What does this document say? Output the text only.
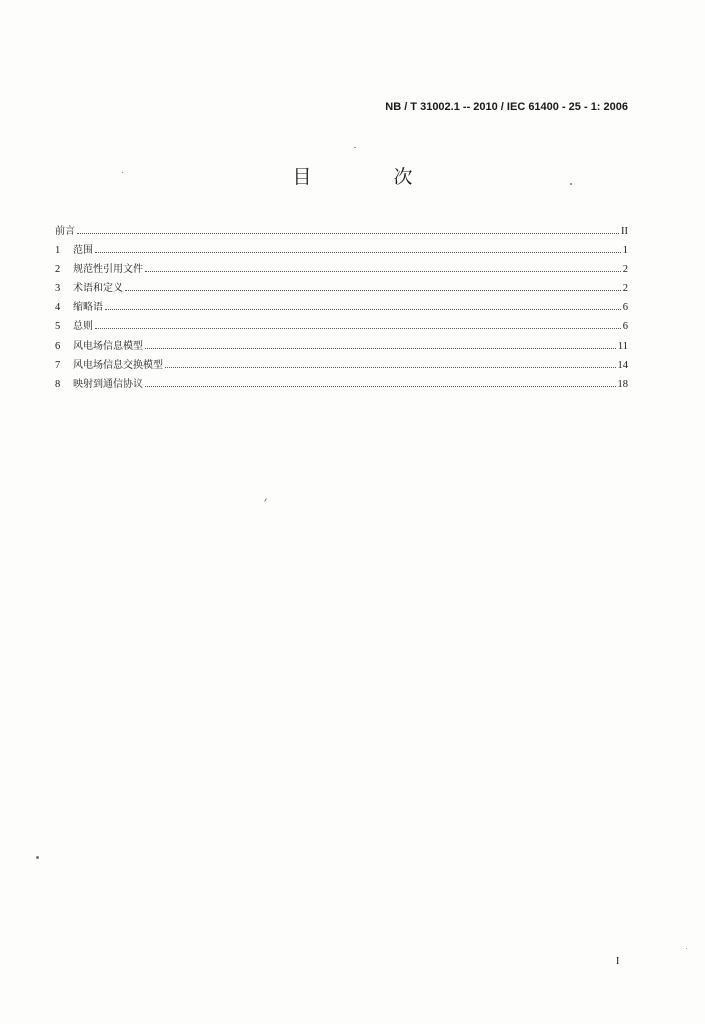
NB / T 31002.1 -- 2010 / IEC 61400 - 25 - 1: 2006
目 次
前言	II
1	范围	1
2	规范性引用文件	2
3	术语和定义	2
4	缩略语	6
5	总则	6
6	风电场信息模型	11
7	风电场信息交换模型	14
8	映射到通信协议	18
I
